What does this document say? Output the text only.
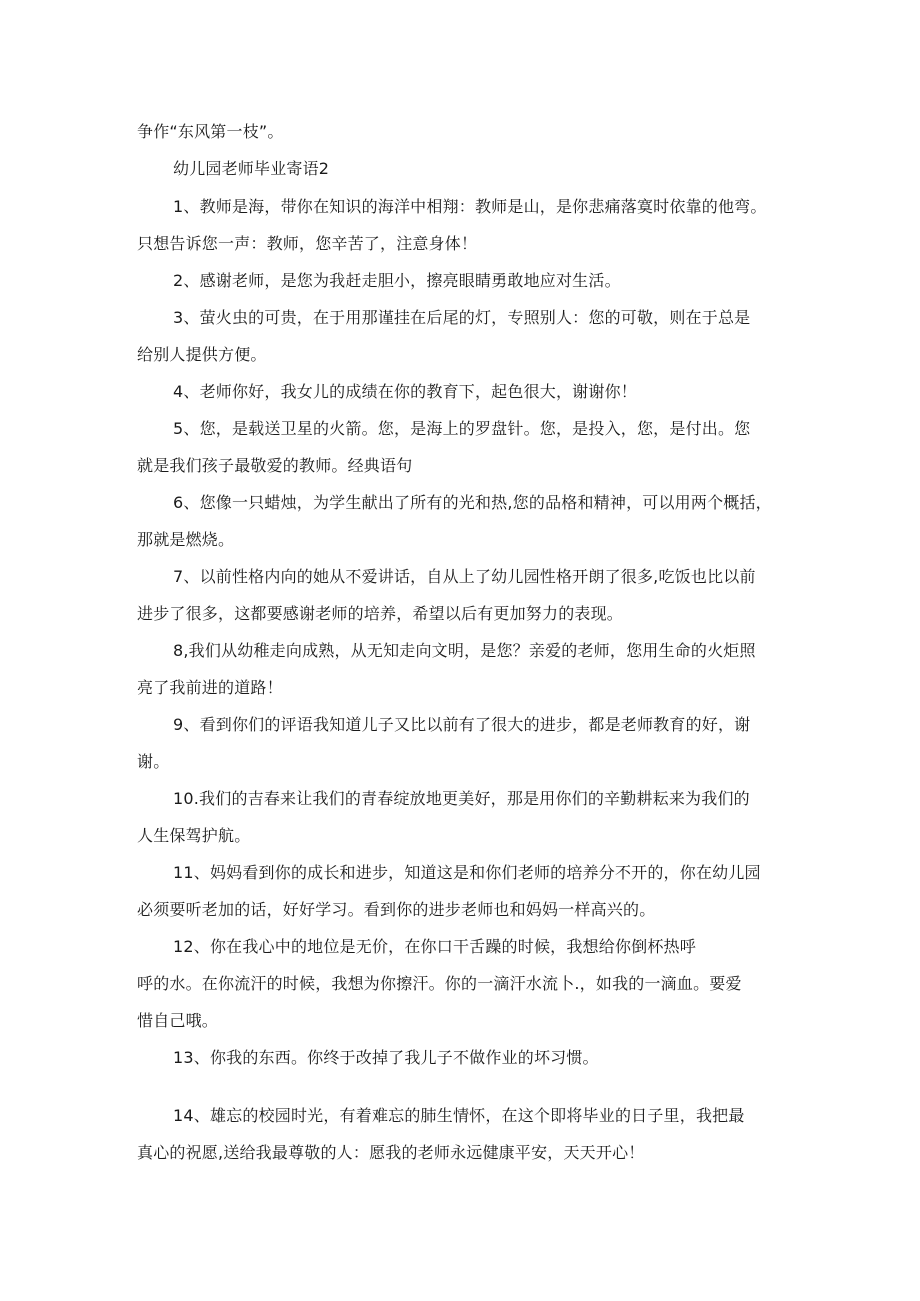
争作“东风第一枝”。
幼儿园老师毕业寄语2
1、教师是海，带你在知识的海洋中相翔：教师是山，是你悲痛落寞时依靠的他弯。
只想告诉您一声：教师，您辛苦了，注意身体！
2、感谢老师，是您为我赶走胆小，擦亮眼睛勇敢地应对生活。
3、萤火虫的可贵，在于用那谨挂在后尾的灯，专照别人：您的可敬，则在于总是
给别人提供方便。
4、老师你好，我女儿的成绩在你的教育下，起色很大，谢谢你！
5、您，是载送卫星的火箭。您，是海上的罗盘针。您，是投入，您，是付出。您
就是我们孩子最敬爱的教师。经典语句
6、您像一只蜡烛，为学生献出了所有的光和热,您的品格和精神，可以用两个概括，
那就是燃烧。
7、以前性格内向的她从不爱讲话，自从上了幼儿园性格开朗了很多,吃饭也比以前
进步了很多，这都要感谢老师的培养，希望以后有更加努力的表现。
8,我们从幼稚走向成熟，从无知走向文明，是您？亲爱的老师，您用生命的火炬照
亮了我前进的道路！
9、看到你们的评语我知道儿子又比以前有了很大的进步，都是老师教育的好，谢
谢。
10.我们的吉春来让我们的青春绽放地更美好，那是用你们的辛勤耕耘来为我们的
人生保驾护航。
11、妈妈看到你的成长和进步，知道这是和你们老师的培养分不开的，你在幼儿园
必须要听老加的话，好好学习。看到你的进步老师也和妈妈一样高兴的。
12、你在我心中的地位是无价，在你口干舌躁的时候，我想给你倒杯热呼
呼的水。在你流汗的时候，我想为你擦汗。你的一滴汗水流卜.，如我的一滴血。要爱
惜自己哦。
13、你我的东西。你终于改掉了我儿子不做作业的坏习惯。
14、雄忘的校园时光，有着难忘的肺生情怀，在这个即将毕业的日子里，我把最
真心的祝愿,送给我最尊敬的人：愿我的老师永远健康平安，天天开心！
